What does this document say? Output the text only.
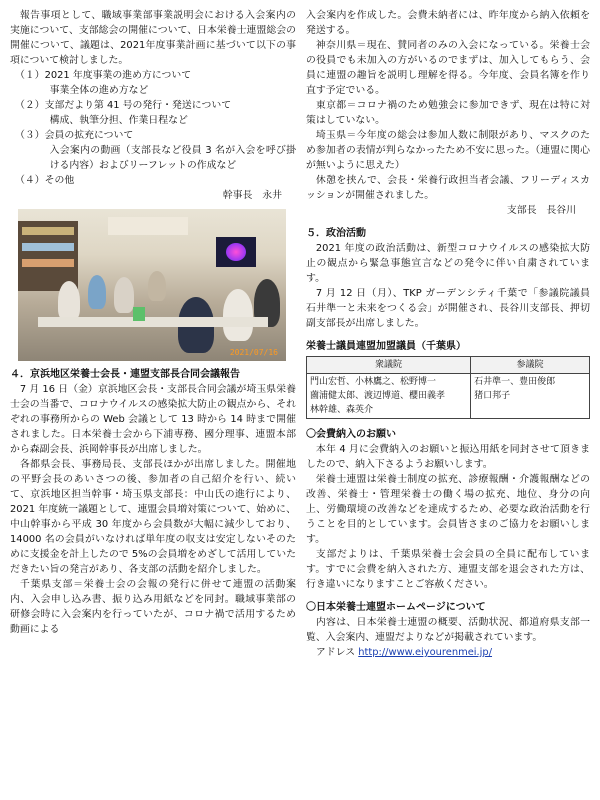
報告事項として、職域事業部事業説明会における入会案内の実施について、支部総会の開催について、日本栄養士連盟総会の開催について、議題は、2021年度事業計画に基づいて以下の事項について検討しました。

（１）2021 年度事業の進め方について

事業全体の進め方など

（２）支部だより第 41 号の発行・発送について

構成、執筆分担、作業日程など

（３）会員の拡充について

入会案内の動画（支部長など役員 3 名が入会を呼び掛ける内容）およびリーフレットの作成など

（４）その他

幹事長　永井

2021/07/16
４．京浜地区栄養士会長・連盟支部長合同会議報告

7 月 16 日（金）京浜地区会長・支部長合同会議が埼玉県栄養士会の当番で、コロナウイルスの感染拡大防止の観点から、それぞれの事務所からの Web 会議として 13 時から 14 時まで開催されました。日本栄養士会から下浦専務、國分理事、連盟本部から森副会長、浜岡幹事長が出席しました。

各都県会長、事務局長、支部長ほかが出席しました。開催地の平野会長のあいさつの後、参加者の自己紹介を行い、続いて、京浜地区担当幹事・埼玉県支部長：中山氏の進行により、2021 年度統一議題として、連盟会員増対策について、始めに、中山幹事から平成 30 年度から会員数が大幅に減少しており、14000 名の会員がいなければ単年度の収支は安定しないそのために支援金を計上したので 5%の会員増をめざして活用していただきたい旨の発言があり、各支部の活動を紹介しました。

千葉県支部＝栄養士会の会報の発行に併せて連盟の活動案内、入会申し込み書、振り込み用紙などを同封。職域事業部の研修会時に入会案内を行っていたが、コロナ禍で活用するため動画による

入会案内を作成した。会費未納者には、昨年度から納入依頼を発送する。

神奈川県＝現在、賛同者のみの入会になっている。栄養士会の役員でも未加入の方がいるのでまずは、加入してもらう、会員に連盟の趣旨を説明し理解を得る。今年度、会員名簿を作り直す予定でいる。

東京都＝コロナ禍のため勉強会に参加できず、現在は特に対策はしていない。

埼玉県＝今年度の総会は参加人数に制限があり、マスクのため参加者の表情が判らなかったため不安に思った。（連盟に関心が無いように思えた）

休憩を挟んで、会長・栄養行政担当者会議、フリーディスカッションが開催されました。

支部長　長谷川

５．政治活動

2021 年度の政治活動は、新型コロナウイルスの感染拡大防止の観点から緊急事態宣言などの発令に伴い自粛されています。

7 月 12 日（月）、TKP ガーデンシティ千葉で「参議院議員　石井準一と未来をつくる会」が開催され、長谷川支部長、押切副支部長が出席しました。

栄養士議員連盟加盟議員（千葉県）
衆議院	参議院
門山宏哲、小林鷹之、松野博一
薗浦健太郎、渡辺博道、櫻田義孝
林幹雄、森英介	石井準一、豊田俊郎
猪口邦子
〇会費納入のお願い

本年 4 月に会費納入のお願いと振込用紙を同封させて頂きましたので、納入下さるようお願いします。

栄養士連盟は栄養士制度の拡充、診療報酬・介護報酬などの改善、栄養士・管理栄養士の働く場の拡充、地位、身分の向上、労働環境の改善などを達成するため、必要な政治活動を行うことを目的としています。会員皆さまのご協力をお願いします。

支部だよりは、千葉県栄養士会会員の全員に配布しています。すでに会費を納入された方、連盟支部を退会された方は、行き違いになりますことご容赦ください。

〇日本栄養士連盟ホームページについて

内容は、日本栄養士連盟の概要、活動状況、都道府県支部一覧、入会案内、連盟だよりなどが掲載されています。

アドレス http://www.eiyourenmei.jp/
